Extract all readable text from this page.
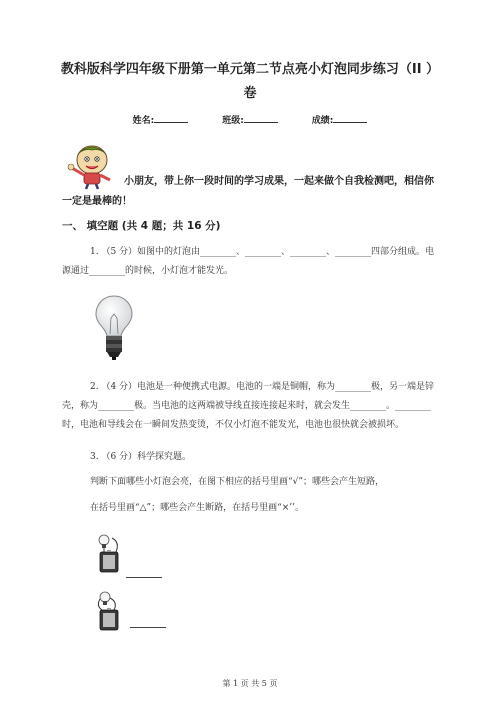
教科版科学四年级下册第一单元第二节点亮小灯泡同步练习（II ）
卷
姓名:	班级:	成绩:
小朋友，带上你一段时间的学习成果，一起来做个自我检测吧，相信你一定是最棒的！
一、 填空题 (共 4 题；共 16 分)
1. （5 分）如图中的灯泡由________、________、________、________四部分组成。电源通过________的时候，小灯泡才能发光。
2. （4 分）电池是一种便携式电源。电池的一端是铜帽，称为________极，另一端是锌壳，称为________极。当电池的这两端被导线直接连接起来时，就会发生________。________时，电池和导线会在一瞬间发热变烫，不仅小灯泡不能发光，电池也很快就会被损坏。
3. （6 分）科学探究题。
判断下面哪些小灯泡会亮，在图下相应的括号里画“√”；哪些会产生短路，
在括号里画“△”；哪些会产生断路，在括号里画“×’’。
第 1 页 共 5 页
